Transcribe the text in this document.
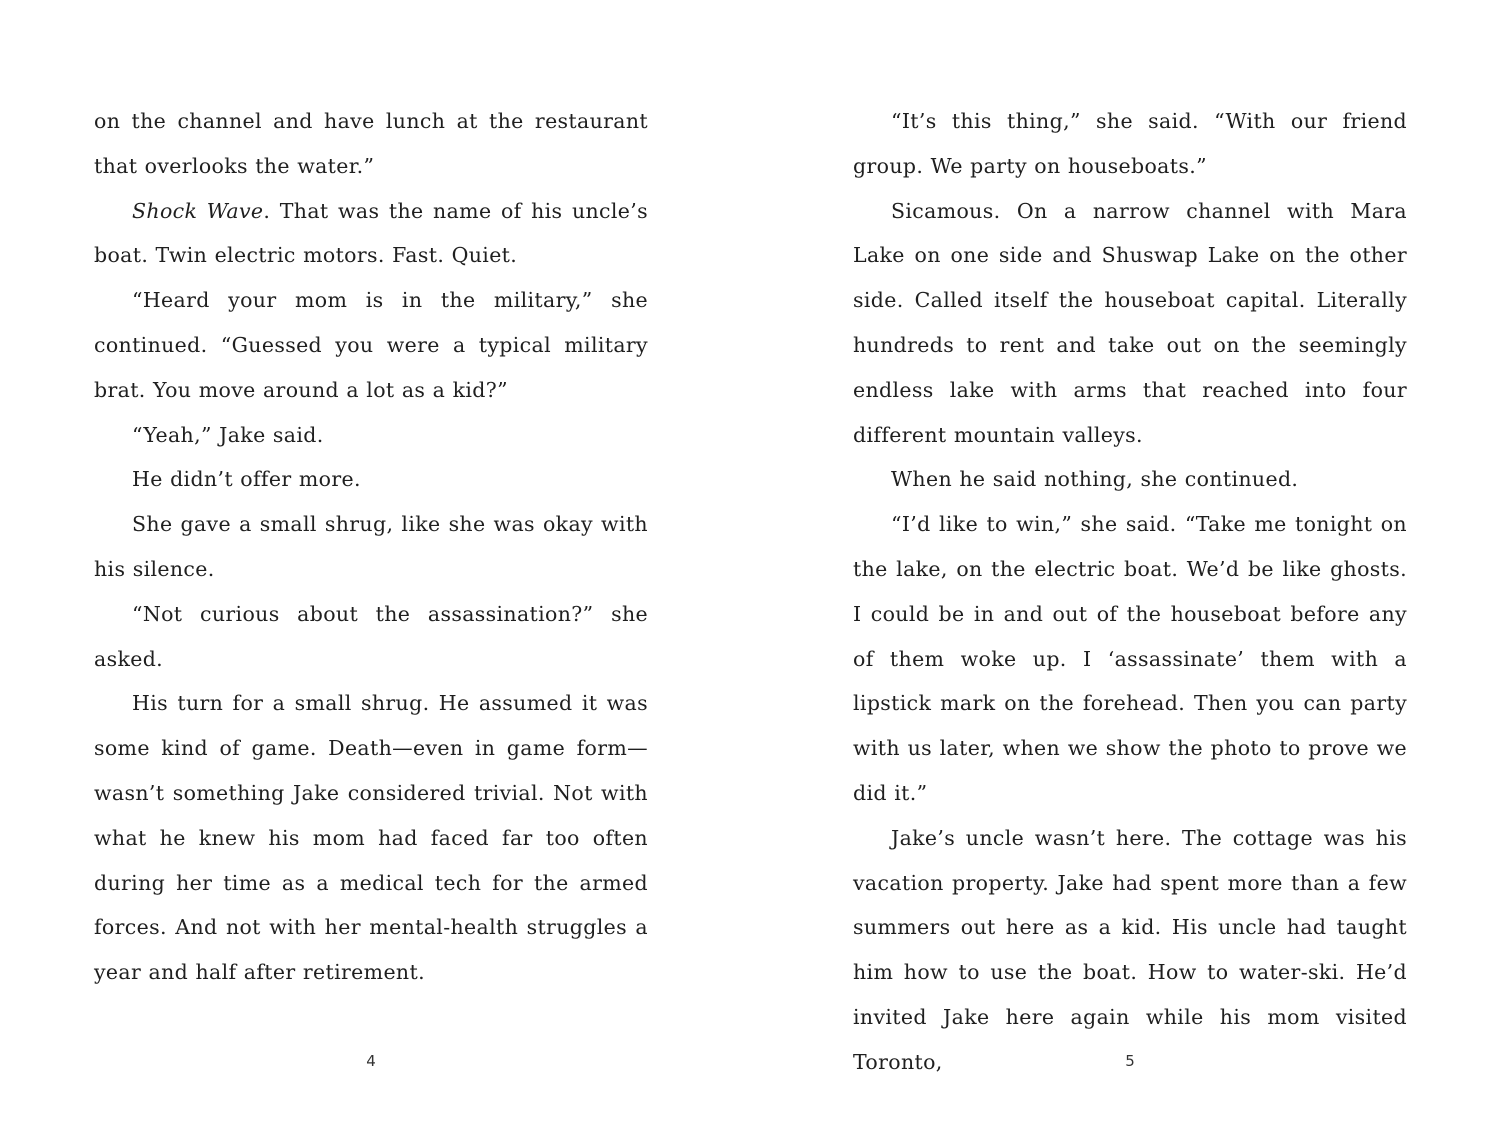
on the channel and have lunch at the restaurant that overlooks the water.”

Shock Wave. That was the name of his uncle’s boat. Twin electric motors. Fast. Quiet.

“Heard your mom is in the military,” she continued. “Guessed you were a typical military brat. You move around a lot as a kid?”

“Yeah,” Jake said.

He didn’t offer more.

She gave a small shrug, like she was okay with his silence.

“Not curious about the assassination?” she asked.

His turn for a small shrug. He assumed it was some kind of game. Death—even in game form—wasn’t something Jake considered trivial. Not with what he knew his mom had faced far too often during her time as a medical tech for the armed forces. And not with her mental-health struggles a year and half after retirement.

“It’s this thing,” she said. “With our friend group. We party on houseboats.”

Sicamous. On a narrow channel with Mara Lake on one side and Shuswap Lake on the other side. Called itself the houseboat capital. Literally hundreds to rent and take out on the seemingly endless lake with arms that reached into four different mountain valleys.

When he said nothing, she continued.

“I’d like to win,” she said. “Take me tonight on the lake, on the electric boat. We’d be like ghosts. I could be in and out of the houseboat before any of them woke up. I ‘assassinate’ them with a lipstick mark on the forehead. Then you can party with us later, when we show the photo to prove we did it.”

Jake’s uncle wasn’t here. The cottage was his vacation property. Jake had spent more than a few summers out here as a kid. His uncle had taught him how to use the boat. How to water-ski. He’d invited Jake here again while his mom visited Toronto,

4	5
